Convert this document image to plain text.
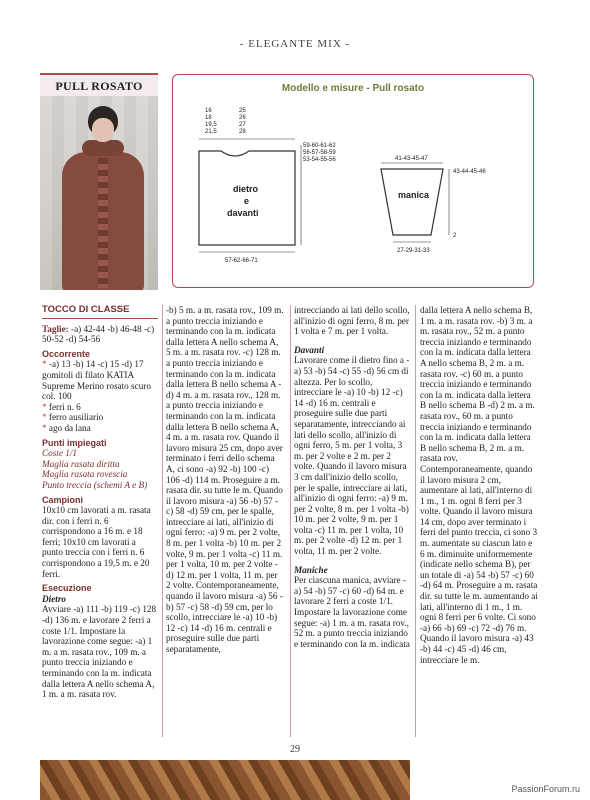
- ELEGANTE MIX -
PULL ROSATO	Modello e misure - Pull rosato
16
18
19,5
21,5
25
26
27
28
dietro
e
davanti
59-60-61-62
56-57-58-59
53-54-55-56
57-62-66-71
41-43-45-47
manica
43-44-45-46
2
27-29-31-33
TOCCO DI CLASSE

Taglie: -a) 42-44 -b) 46-48 -c) 50-52 -d) 54-56

Occorrente

* -a) 13 -b) 14 -c) 15 -d) 17 gomitoli di filato KATIA Supreme Merino rosato scuro col. 100

* ferri n. 6

* ferro ausiliario

* ago da lana

Punti impiegati

Coste 1/1

Maglia rasata diritta

Maglia rasata rovescia

Punto treccia (schemi A e B)

Campioni

10x10 cm lavorati a m. rasata dir. con i ferri n. 6 corrispondono a 16 m. e 18 ferri; 10x10 cm lavorati a punto treccia con i ferri n. 6 corrispondono a 19,5 m. e 20 ferri.

Esecuzione

Dietro

Avviare -a) 111 -b) 119 -c) 128 -d) 136 m. e lavorare 2 ferri a coste 1/1. Impostare la lavorazione come segue: -a) 1 m. a m. rasata rov., 109 m. a punto treccia iniziando e terminando con la m. indicata dalla lettera A nello schema A, 1 m. a m. rasata rov.

-b) 5 m. a m. rasata rov., 109 m. a punto treccia iniziando e terminando con la m. indicata dalla lettera A nello schema A, 5 m. a m. rasata rov. -c) 128 m. a punto treccia iniziando e terminando con la m. indicata dalla lettera B nello schema A -d) 4 m. a m. rasata rov., 128 m. a punto treccia iniziando e terminando con la m. indicata dalla lettera B nello schema A, 4 m. a m. rasata rov. Quando il lavoro misura 25 cm, dopo aver terminato i ferri dello schema A, ci sono -a) 92 -b) 100 -c) 106 -d) 114 m. Proseguire a m. rasata dir. su tutte le m. Quando il lavoro misura -a) 56 -b) 57 -c) 58 -d) 59 cm, per le spalle, intrecciare ai lati, all'inizio di ogni ferro: -a) 9 m. per 2 volte, 8 m. per 1 volta -b) 10 m. per 2 volte, 9 m. per 1 volta -c) 11 m. per 1 volta, 10 m. per 2 volte -d) 12 m. per 1 volta, 11 m. per 2 volte. Contemporaneamente, quando il lavoro misura -a) 56 -b) 57 -c) 58 -d) 59 cm, per lo scollo, intrecciare le -a) 10 -b) 12 -c) 14 -d) 16 m. centrali e proseguire sulle due parti separatamente,

intrecciando ai lati dello scollo, all'inizio di ogni ferro, 8 m. per 1 volta e 7 m. per 1 volta.

Davanti

Lavorare come il dietro fino a -a) 53 -b) 54 -c) 55 -d) 56 cm di altezza. Per lo scollo, intrecciare le -a) 10 -b) 12 -c) 14 -d) 16 m. centrali e proseguire sulle due parti separatamente, intrecciando ai lati dello scollo, all'inizio di ogni ferro, 5 m. per 1 volta, 3 m. per 2 volte e 2 m. per 2 volte. Quando il lavoro misura 3 cm dall'inizio dello scollo, per le spalle, intrecciare ai lati, all'inizio di ogni ferro: -a) 9 m. per 2 volte, 8 m. per 1 volta -b) 10 m. per 2 volte, 9 m. per 1 volta -c) 11 m. per 1 volta, 10 m. per 2 volte -d) 12 m. per 1 volta, 11 m. per 2 volte.

Maniche

Per ciascuna manica, avviare -a) 54 -b) 57 -c) 60 -d) 64 m. e lavorare 2 ferri a coste 1/1. Impostare la lavorazione come segue: -a) 1 m. a m. rasata rov., 52 m. a punto treccia iniziando e terminando con la m. indicata

dalla lettera A nello schema B, 1 m. a m. rasata rov. -b) 3 m. a m. rasata rov., 52 m. a punto treccia iniziando e terminando con la m. indicata dalla lettera A nello schema B, 2 m. a m. rasata rov. -c) 60 m. a punto treccia iniziando e terminando con la m. indicata dalla lettera B nello schema B -d) 2 m. a m. rasata rov., 60 m. a punto treccia iniziando e terminando con la m. indicata dalla lettera B nello schema B, 2 m. a m. rasata rov. Contemporaneamente, quando il lavoro misura 2 cm, aumentare ai lati, all'interno di 1 m., 1 m. ogni 8 ferri per 3 volte. Quando il lavoro misura 14 cm, dopo aver terminato i ferri del punto treccia, ci sono 3 m. aumentate su ciascun lato e 6 m. diminuite uniformemente (indicate nello schema B), per un totale di -a) 54 -b) 57 -c) 60 -d) 64 m. Proseguire a m. rasata dir. su tutte le m. aumentando ai lati, all'interno di 1 m., 1 m. ogni 8 ferri per 6 volte. Ci sono -a) 66 -b) 69 -c) 72 -d) 76 m. Quando il lavoro misura -a) 43 -b) 44 -c) 45 -d) 46 cm, intrecciare le m.

29
PassionForum.ru
